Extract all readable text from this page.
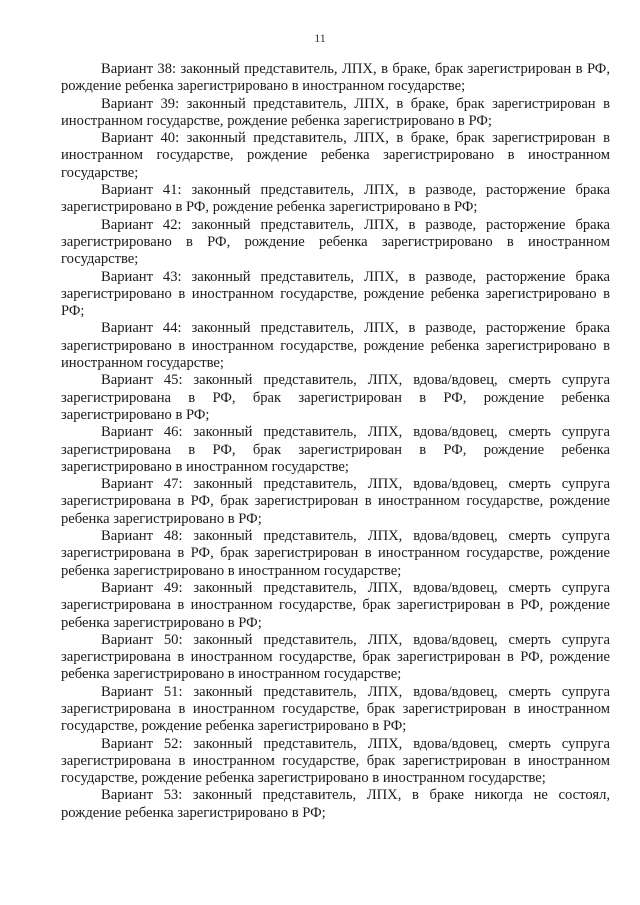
11

Вариант 38: законный представитель, ЛПХ, в браке, брак зарегистрирован в РФ, рождение ребенка зарегистрировано в иностранном государстве;

Вариант 39: законный представитель, ЛПХ, в браке, брак зарегистрирован в иностранном государстве, рождение ребенка зарегистрировано в РФ;

Вариант 40: законный представитель, ЛПХ, в браке, брак зарегистрирован в иностранном государстве, рождение ребенка зарегистрировано в иностранном государстве;

Вариант 41: законный представитель, ЛПХ, в разводе, расторжение брака зарегистрировано в РФ, рождение ребенка зарегистрировано в РФ;

Вариант 42: законный представитель, ЛПХ, в разводе, расторжение брака зарегистрировано в РФ, рождение ребенка зарегистрировано в иностранном государстве;

Вариант 43: законный представитель, ЛПХ, в разводе, расторжение брака зарегистрировано в иностранном государстве, рождение ребенка зарегистрировано в РФ;

Вариант 44: законный представитель, ЛПХ, в разводе, расторжение брака зарегистрировано в иностранном государстве, рождение ребенка зарегистрировано в иностранном государстве;

Вариант 45: законный представитель, ЛПХ, вдова/вдовец, смерть супруга зарегистрирована в РФ, брак зарегистрирован в РФ, рождение ребенка зарегистрировано в РФ;

Вариант 46: законный представитель, ЛПХ, вдова/вдовец, смерть супруга зарегистрирована в РФ, брак зарегистрирован в РФ, рождение ребенка зарегистрировано в иностранном государстве;

Вариант 47: законный представитель, ЛПХ, вдова/вдовец, смерть супруга зарегистрирована в РФ, брак зарегистрирован в иностранном государстве, рождение ребенка зарегистрировано в РФ;

Вариант 48: законный представитель, ЛПХ, вдова/вдовец, смерть супруга зарегистрирована в РФ, брак зарегистрирован в иностранном государстве, рождение ребенка зарегистрировано в иностранном государстве;

Вариант 49: законный представитель, ЛПХ, вдова/вдовец, смерть супруга зарегистрирована в иностранном государстве, брак зарегистрирован в РФ, рождение ребенка зарегистрировано в РФ;

Вариант 50: законный представитель, ЛПХ, вдова/вдовец, смерть супруга зарегистрирована в иностранном государстве, брак зарегистрирован в РФ, рождение ребенка зарегистрировано в иностранном государстве;

Вариант 51: законный представитель, ЛПХ, вдова/вдовец, смерть супруга зарегистрирована в иностранном государстве, брак зарегистрирован в иностранном государстве, рождение ребенка зарегистрировано в РФ;

Вариант 52: законный представитель, ЛПХ, вдова/вдовец, смерть супруга зарегистрирована в иностранном государстве, брак зарегистрирован в иностранном государстве, рождение ребенка зарегистрировано в иностранном государстве;

Вариант 53: законный представитель, ЛПХ, в браке никогда не состоял, рождение ребенка зарегистрировано в РФ;
